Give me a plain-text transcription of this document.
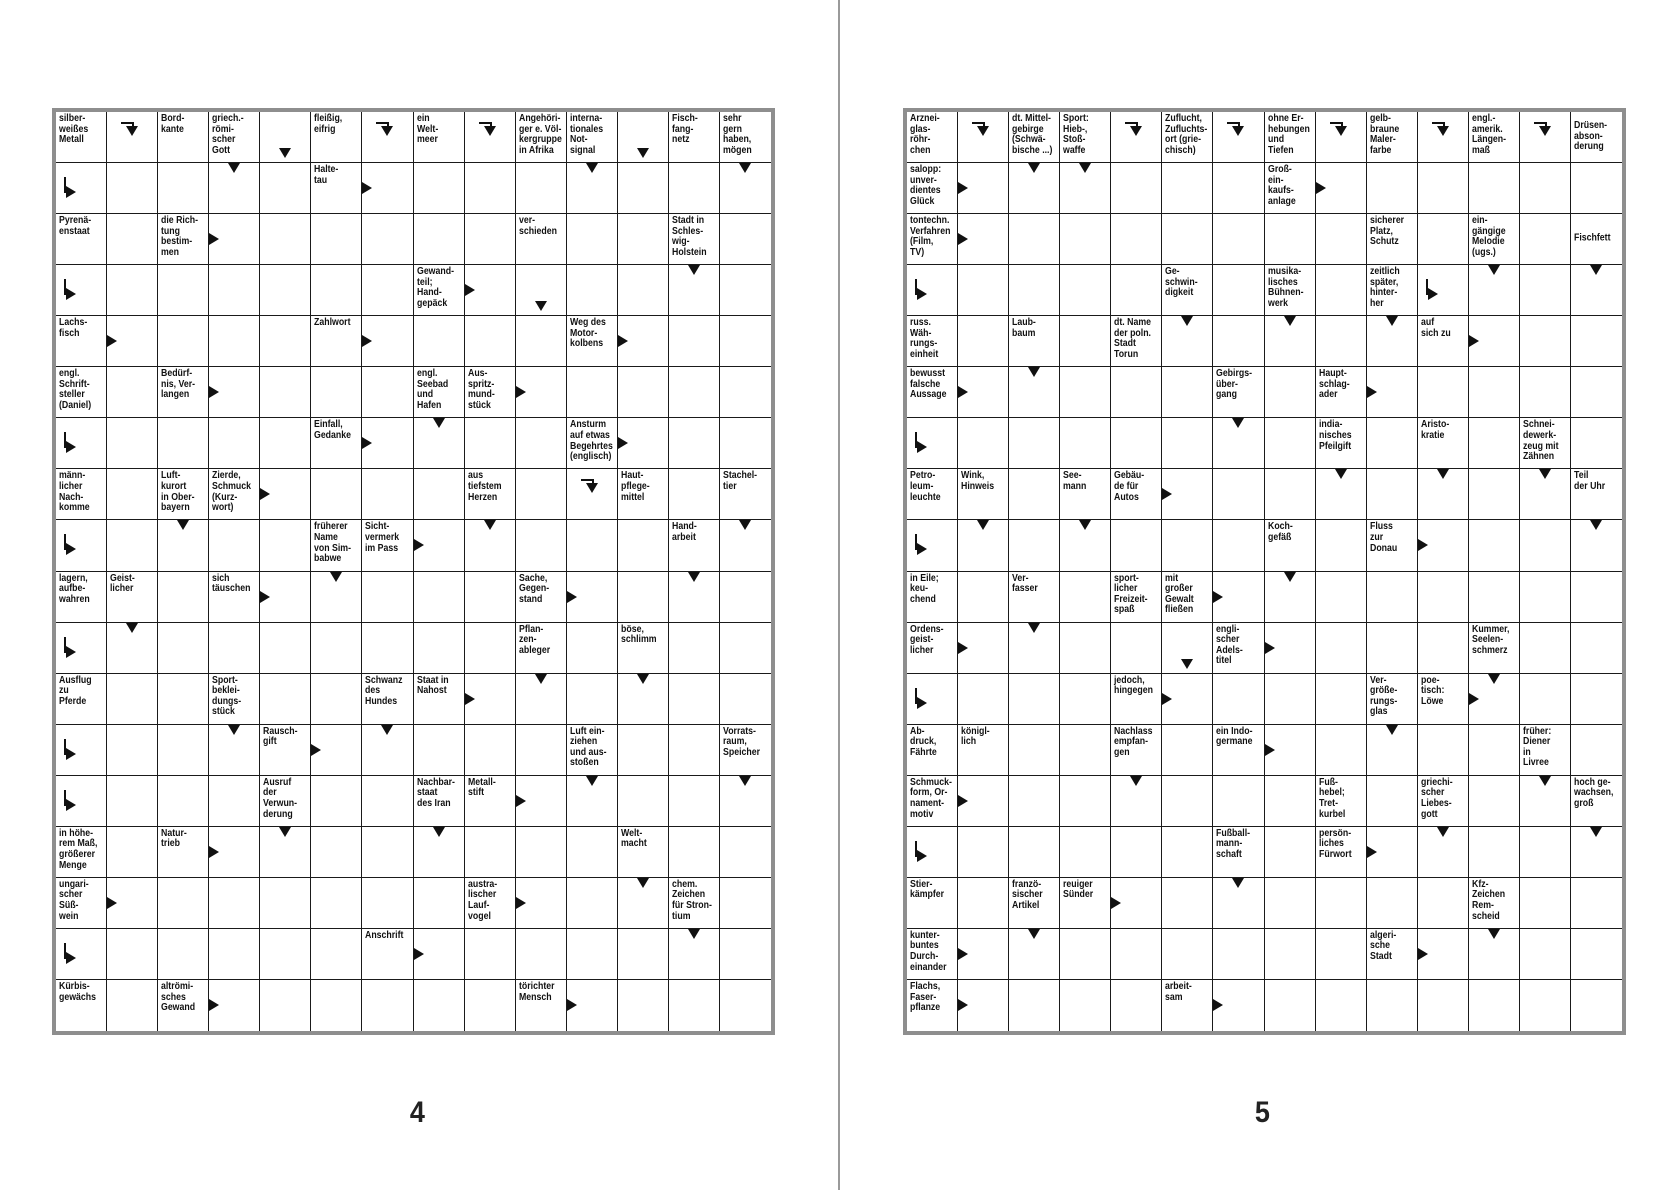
silber-
weißes
Metall
Bord-
kante
griech.-
römi-
scher
Gott
fleißig,
eifrig
ein
Welt-
meer
Angehöri-
ger e. Völ-
kergruppe
in Afrika
internа-
tionales
Not-
signal
Fisch-
fang-
netz
sehr
gern
haben,
mögen
Halte-
tau
Pyrenä-
enstaat
die Rich-
tung
bestim-
men
ver-
schieden
Stadt in
Schles-
wig-
Holstein
Gewand-
teil;
Hand-
gepäck
Lachs-
fisch
Zahlwort	Weg des
Motor-
kolbens
engl.
Schrift-
steller
(Daniel)
Bedürf-
nis, Ver-
langen
engl.
Seebad
und
Hafen
Aus-
spritz-
mund-
stück
Einfall,
Gedanke
Ansturm
auf etwas
Begehrtes
(englisch)
männ-
licher
Nach-
komme
Luft-
kurort
in Ober-
bayern
Zierde,
Schmuck
(Kurz-
wort)
aus
tiefstem
Herzen
Haut-
pflege-
mittel
Stachel-
tier
früherer
Name
von Sim-
babwe
Sicht-
vermerk
im Pass
Hand-
arbeit
lagern,
aufbe-
wahren
Geist-
licher
sich
täuschen
Sache,
Gegen-
stand
Pflan-
zen-
ableger
böse,
schlimm
Ausflug
zu
Pferde
Sport-
beklei-
dungs-
stück
Schwanz
des
Hundes
Staat in
Nahost
Rausch-
gift
Luft ein-
ziehen
und aus-
stoßen
Vorrats-
raum,
Speicher
Ausruf
der
Verwun-
derung
Nachbar-
staat
des Iran
Metall-
stift
in höhe-
rem Maß,
größerer
Menge
Natur-
trieb
Welt-
macht
ungari-
scher
Süß-
wein
austra-
lischer
Lauf-
vogel
chem.
Zeichen
für Stron-
tium
Anschrift
Kürbis-
gewächs
altrömi-
sches
Gewand
törichter
Mensch
Arznei-
glas-
röhr-
chen
dt. Mittel-
gebirge
(Schwä-
bische ...)
Sport:
Hieb-,
Stoß-
waffe
Zuflucht,
Zufluchts-
ort (grie-
chisch)
ohne Er-
hebungen
und
Tiefen
gelb-
braune
Maler-
farbe
engl.-
amerik.
Längen-
maß
Drüsen-
abson-
derung
salopp:
unver-
dientes
Glück
Groß-
ein-
kaufs-
anlage
tontechn.
Verfahren
(Film,
TV)
sicherer
Platz,
Schutz
ein-
gängige
Melodie
(ugs.)
Fischfett
Ge-
schwin-
digkeit
musika-
lisches
Bühnen-
werk
zeitlich
später,
hinter-
her
russ.
Wäh-
rungs-
einheit
Laub-
baum
dt. Name
der poln.
Stadt
Torun
auf
sich zu
bewusst
falsche
Aussage
Gebirgs-
über-
gang
Haupt-
schlag-
ader
india-
nisches
Pfeilgift
Aristo-
kratie
Schnei-
dewerk-
zeug mit
Zähnen
Petro-
leum-
leuchte
Wink,
Hinweis
See-
mann
Gebäu-
de für
Autos
Teil
der Uhr
Koch-
gefäß
Fluss
zur
Donau
in Eile;
keu-
chend
Ver-
fasser
sport-
licher
Freizeit-
spaß
mit
großer
Gewalt
fließen
Ordens-
geist-
licher
engli-
scher
Adels-
titel
Kummer,
Seelen-
schmerz
jedoch,
hingegen
Ver-
größe-
rungs-
glas
poe-
tisch:
Löwe
Ab-
druck,
Fährte
königl-
lich
Nachlass
empfan-
gen
ein Indo-
germane
früher:
Diener
in
Livree
Schmuck-
form, Or-
nament-
motiv
Fuß-
hebel;
Tret-
kurbel
griechi-
scher
Liebes-
gott
hoch ge-
wachsen,
groß
Fußball-
mann-
schaft
persön-
liches
Fürwort
Stier-
kämpfer
franzö-
sischer
Artikel
reuiger
Sünder
Kfz-
Zeichen
Rem-
scheid
kunter-
buntes
Durch-
einander
algeri-
sche
Stadt
Flachs,
Faser-
pflanze
arbeit-
sam
4	5
